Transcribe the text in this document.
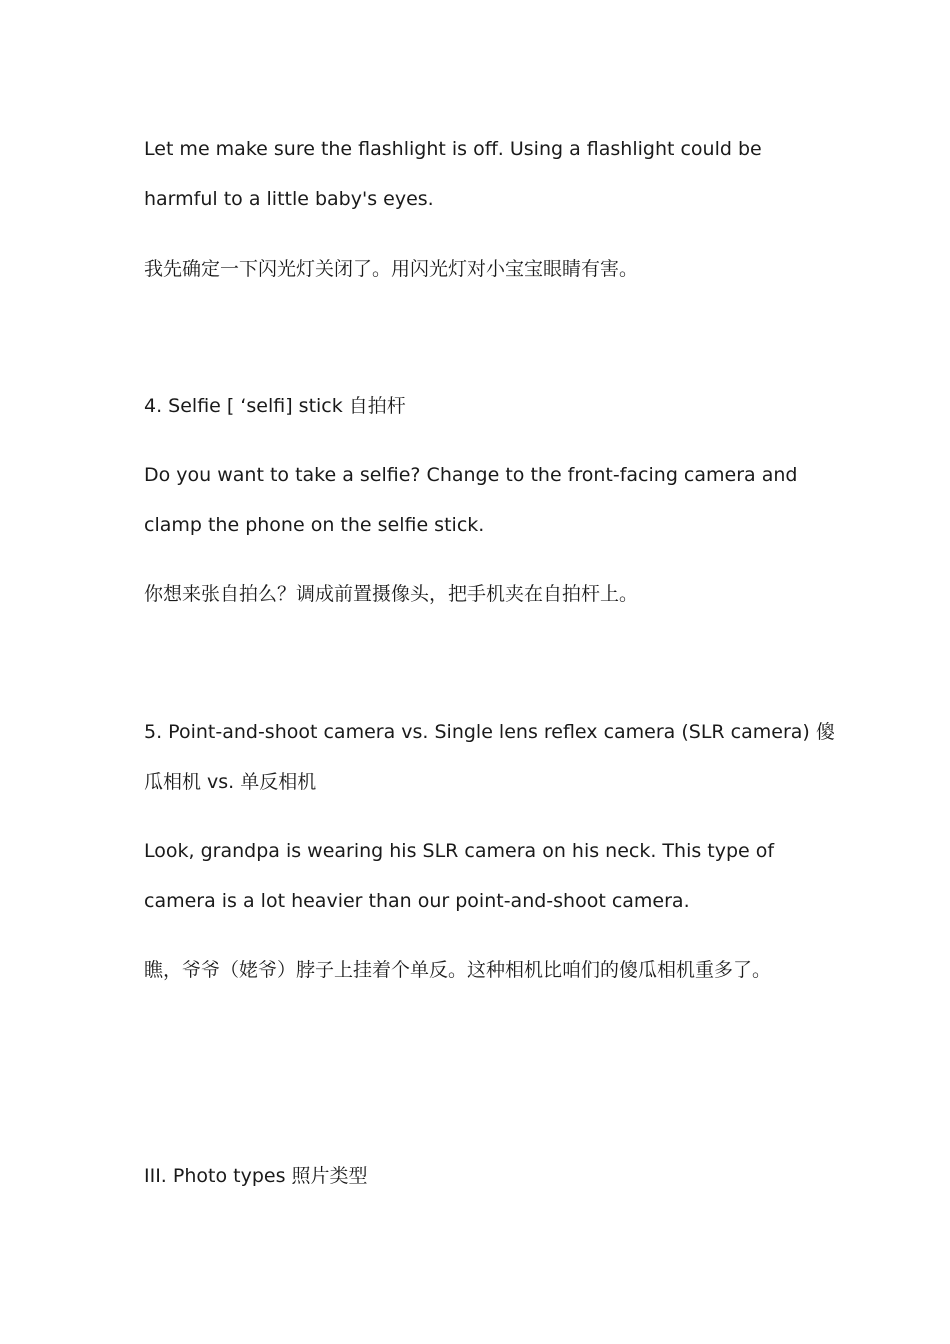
Let me make sure the flashlight is off. Using a flashlight could be
harmful to a little baby's eyes.
我先确定一下闪光灯关闭了。用闪光灯对小宝宝眼睛有害。
4. Selfie [ ‘selfi] stick 自拍杆
Do you want to take a selfie? Change to the front-facing camera and
clamp the phone on the selfie stick.
你想来张自拍么？调成前置摄像头，把手机夹在自拍杆上。
5. Point-and-shoot camera vs. Single lens reflex camera (SLR camera) 傻
瓜相机 vs. 单反相机
Look, grandpa is wearing his SLR camera on his neck. This type of
camera is a lot heavier than our point-and-shoot camera.
瞧，爷爷（姥爷）脖子上挂着个单反。这种相机比咱们的傻瓜相机重多了。
III. Photo types 照片类型
